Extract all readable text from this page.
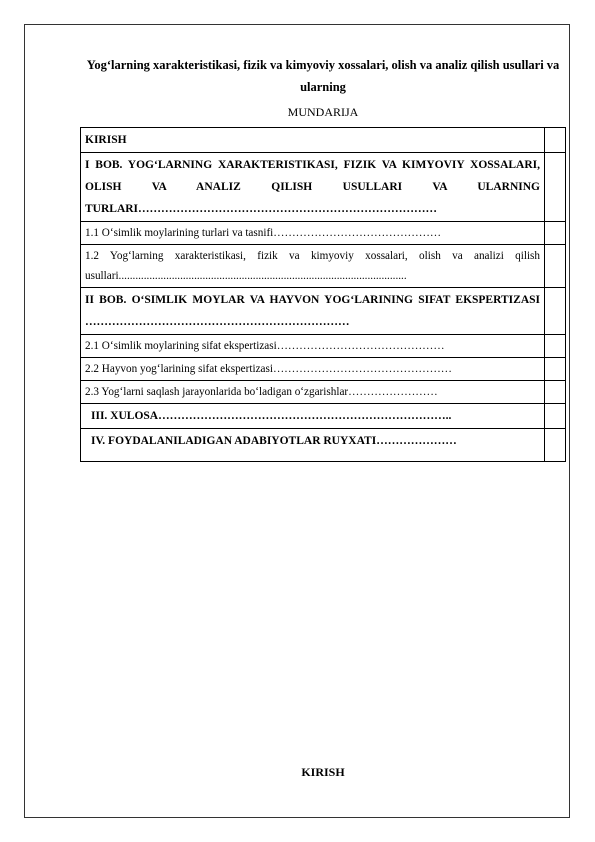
Yog‘larning xarakteristikasi, fizik va kimyoviy xossalari, olish va analiz qilish usullari va ularning
MUNDARIJA
KIRISH	
I BOB. YOG‘LARNING XARAKTERISTIKASI, FIZIK VA KIMYOVIY XOSSALARI, OLISH VA ANALIZ QILISH USULLARI VA ULARNING TURLARI……………………………………………………………………	
1.1 O‘simlik moylarining turlari va tasnifi………………………………………	
1.2 Yog‘larning xarakteristikasi, fizik va kimyoviy xossalari, olish va analizi qilish usullari.......................................................................................................	
II BOB. O‘SIMLIK MOYLAR VA HAYVON YOG‘LARINING SIFAT EKSPERTIZASI ……………………………………………………………	
2.1 O‘simlik moylarining sifat ekspertizasi………………………………………	
2.2 Hayvon yog‘larining sifat ekspertizasi…………………………………………	
2.3 Yog‘larni saqlash jarayonlarida bo‘ladigan o‘zgarishlar……………………	
III. XULOSA…………………………………………………………………..	
IV. FOYDALANILADIGAN ADABIYOTLAR RUYXATI…………………	
KIRISH
